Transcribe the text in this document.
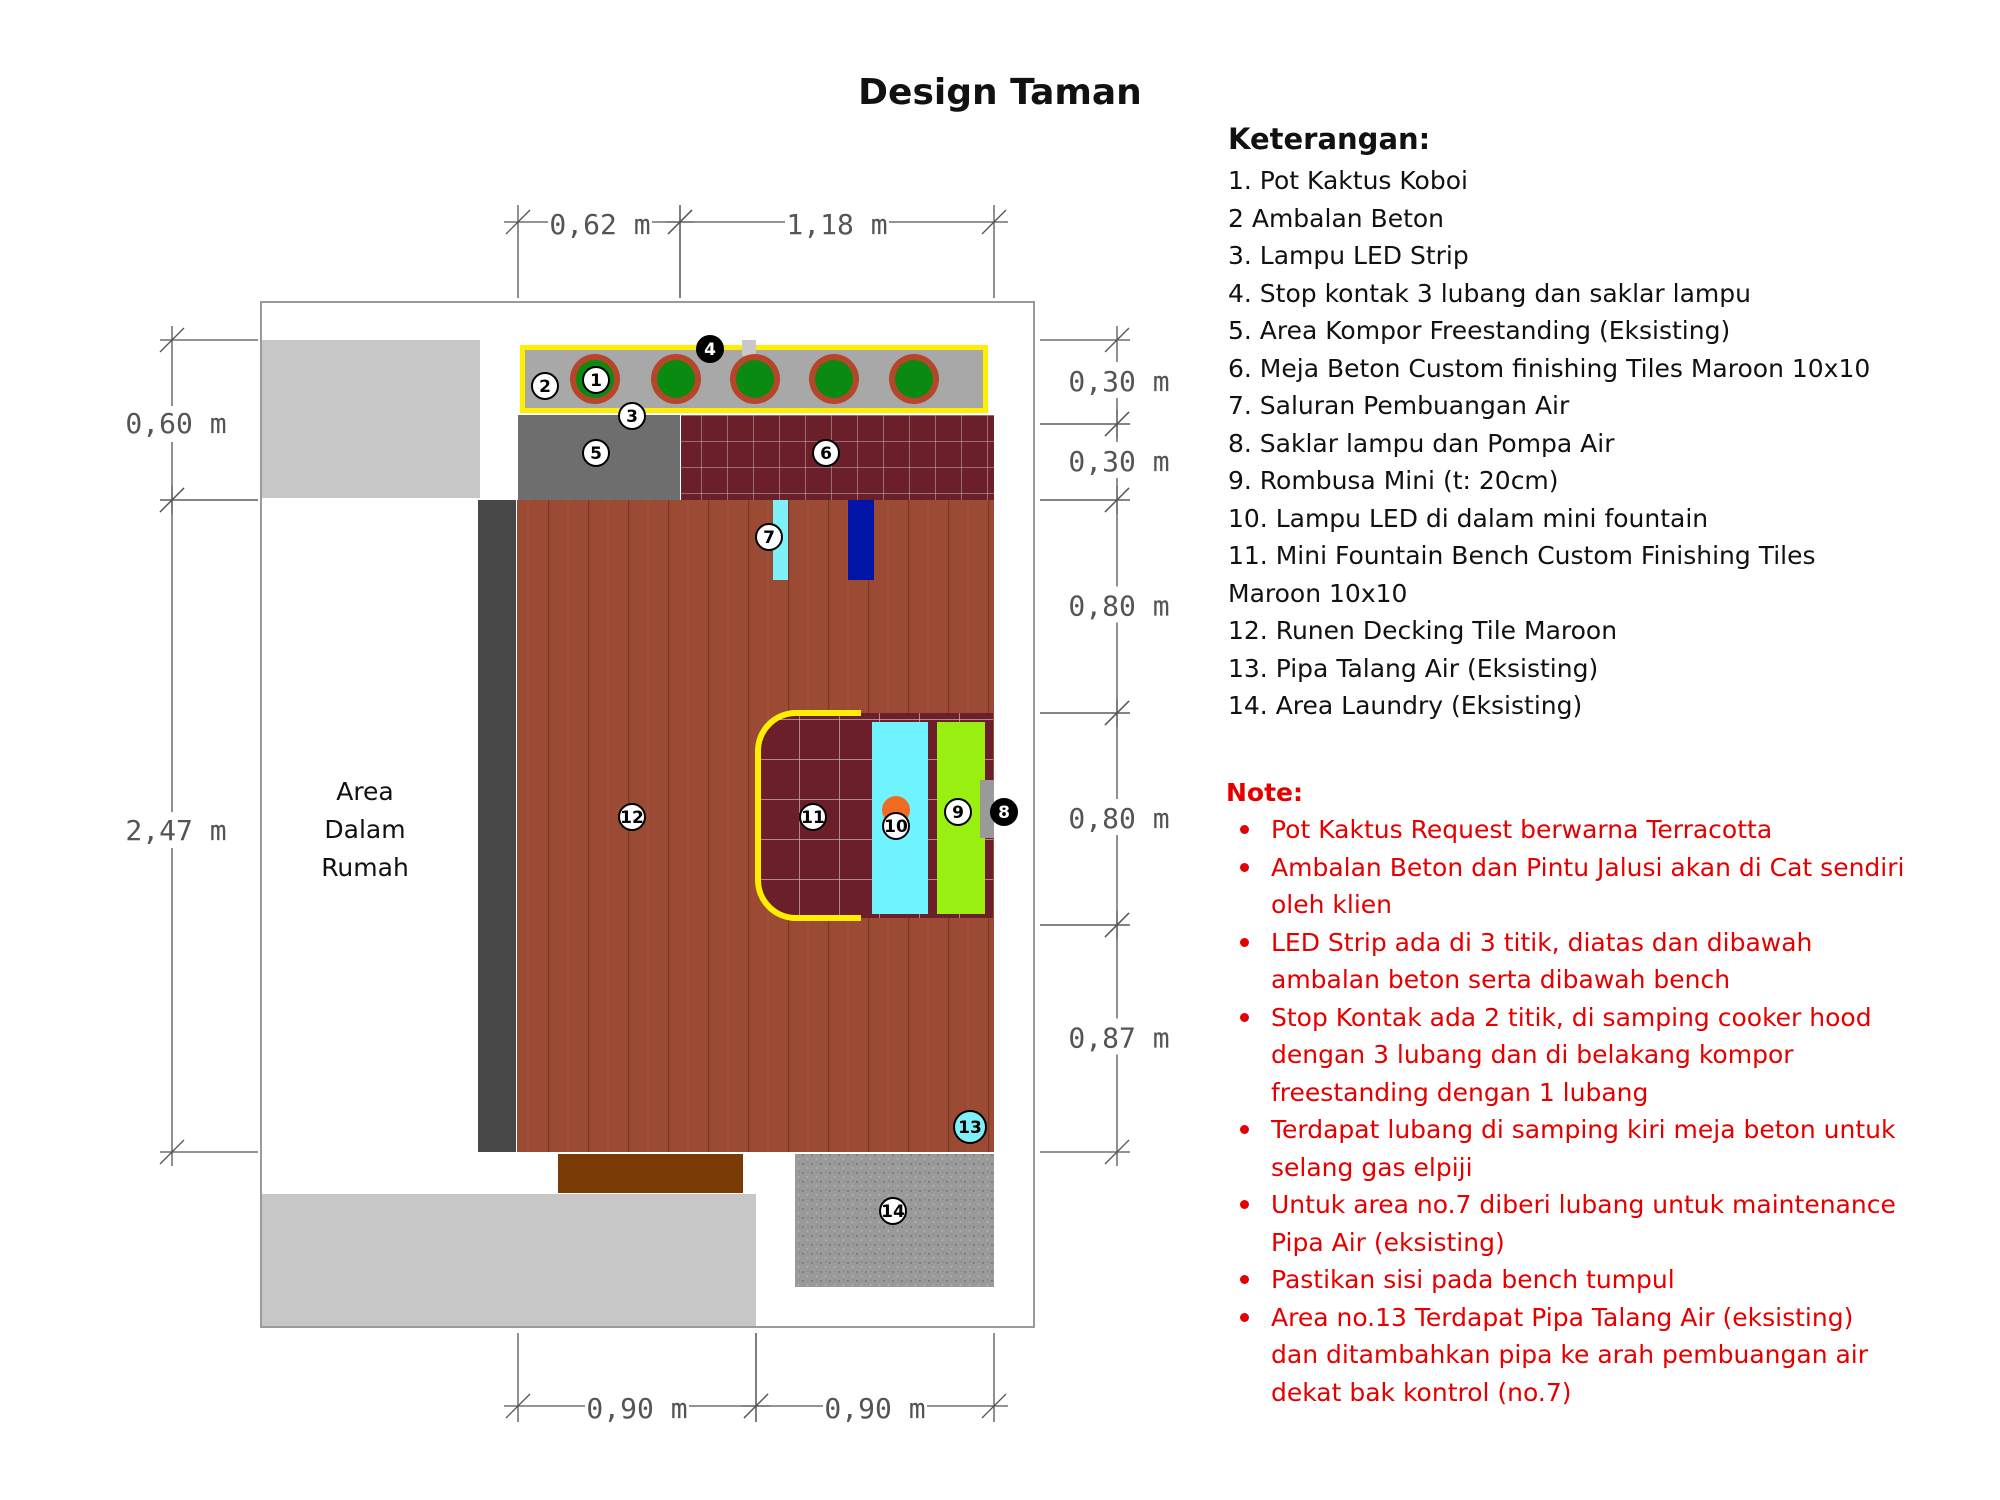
Design Taman
Area Dalam Rumah
1
2
3
4
5	6
7
8
9
10
11
12
13
14
0,62 m	1,18 m
0,90 m	0,90 m
0,60 m
2,47 m
0,30 m
0,30 m
0,80 m
0,80 m
0,87 m
Keterangan:
1. Pot Kaktus Koboi
2 Ambalan Beton
3. Lampu LED Strip
4. Stop kontak 3 lubang dan saklar lampu
5. Area Kompor Freestanding (Eksisting)
6. Meja Beton Custom finishing Tiles Maroon 10x10
7. Saluran Pembuangan Air
8. Saklar lampu dan Pompa Air
9. Rombusa Mini (t: 20cm)
10. Lampu LED di dalam mini fountain
11. Mini Fountain Bench Custom Finishing Tiles Maroon 10x10
12. Runen Decking Tile Maroon
13. Pipa Talang Air (Eksisting)
14. Area Laundry (Eksisting)
Note:
Pot Kaktus Request berwarna Terracotta
Ambalan Beton dan Pintu Jalusi akan di Cat sendiri oleh klien
LED Strip ada di 3 titik, diatas dan dibawah ambalan beton serta dibawah bench
Stop Kontak ada 2 titik, di samping cooker hood dengan 3 lubang dan di belakang kompor freestanding dengan 1 lubang
Terdapat lubang di samping kiri meja beton untuk selang gas elpiji
Untuk area no.7 diberi lubang untuk maintenance Pipa Air (eksisting)
Pastikan sisi pada bench tumpul
Area no.13 Terdapat Pipa Talang Air (eksisting) dan ditambahkan pipa ke arah pembuangan air dekat bak kontrol (no.7)
